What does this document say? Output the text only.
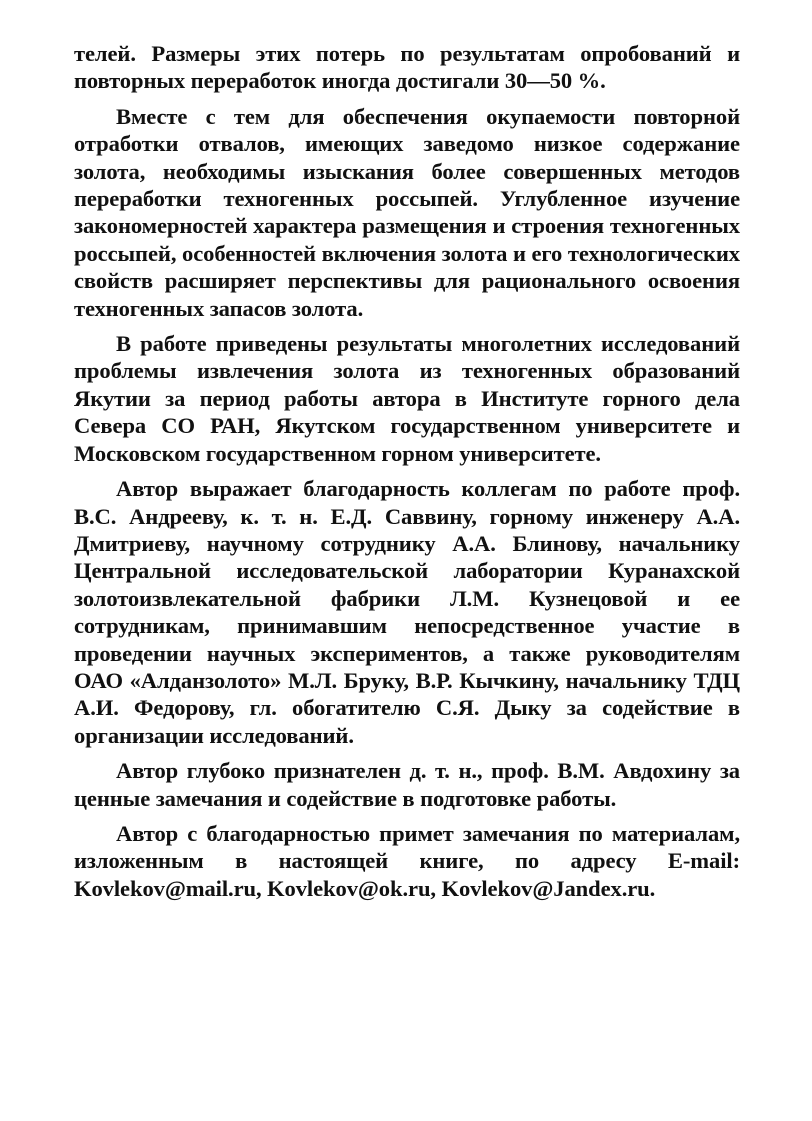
телей. Размеры этих потерь по результатам опробований и повторных переработок иногда достигали 30—50 %.

Вместе с тем для обеспечения окупаемости повторной отработки отвалов, имеющих заведомо низкое содержание золота, необходимы изыскания более совершенных методов переработки техногенных россыпей. Углубленное изучение закономерностей характера размещения и строения техногенных россыпей, особенностей включения золота и его технологических свойств расширяет перспективы для рационального освоения техногенных запасов золота.

В работе приведены результаты многолетних исследований проблемы извлечения золота из техногенных образований Якутии за период работы автора в Институте горного дела Севера СО РАН, Якутском государственном университете и Московском государственном горном университете.

Автор выражает благодарность коллегам по работе проф. В.С. Андрееву, к. т. н. Е.Д. Саввину, горному инженеру А.А. Дмитриеву, научному сотруднику А.А. Блинову, начальнику Центральной исследовательской лаборатории Куранахской золотоизвлекательной фабрики Л.М. Кузнецовой и ее сотрудникам, принимавшим непосредственное участие в проведении научных экспериментов, а также руководителям ОАО «Алданзолото» М.Л. Бруку, В.Р. Кычкину, начальнику ТДЦ А.И. Федорову, гл. обогатителю С.Я. Дыку за содействие в организации исследований.

Автор глубоко признателен д. т. н., проф. В.М. Авдохину за ценные замечания и содействие в подготовке работы.

Автор с благодарностью примет замечания по материалам, изложенным в настоящей книге, по адресу E-mail: Kovlekov@mail.ru, Kovlekov@ok.ru, Kovlekov@Jandex.ru.
